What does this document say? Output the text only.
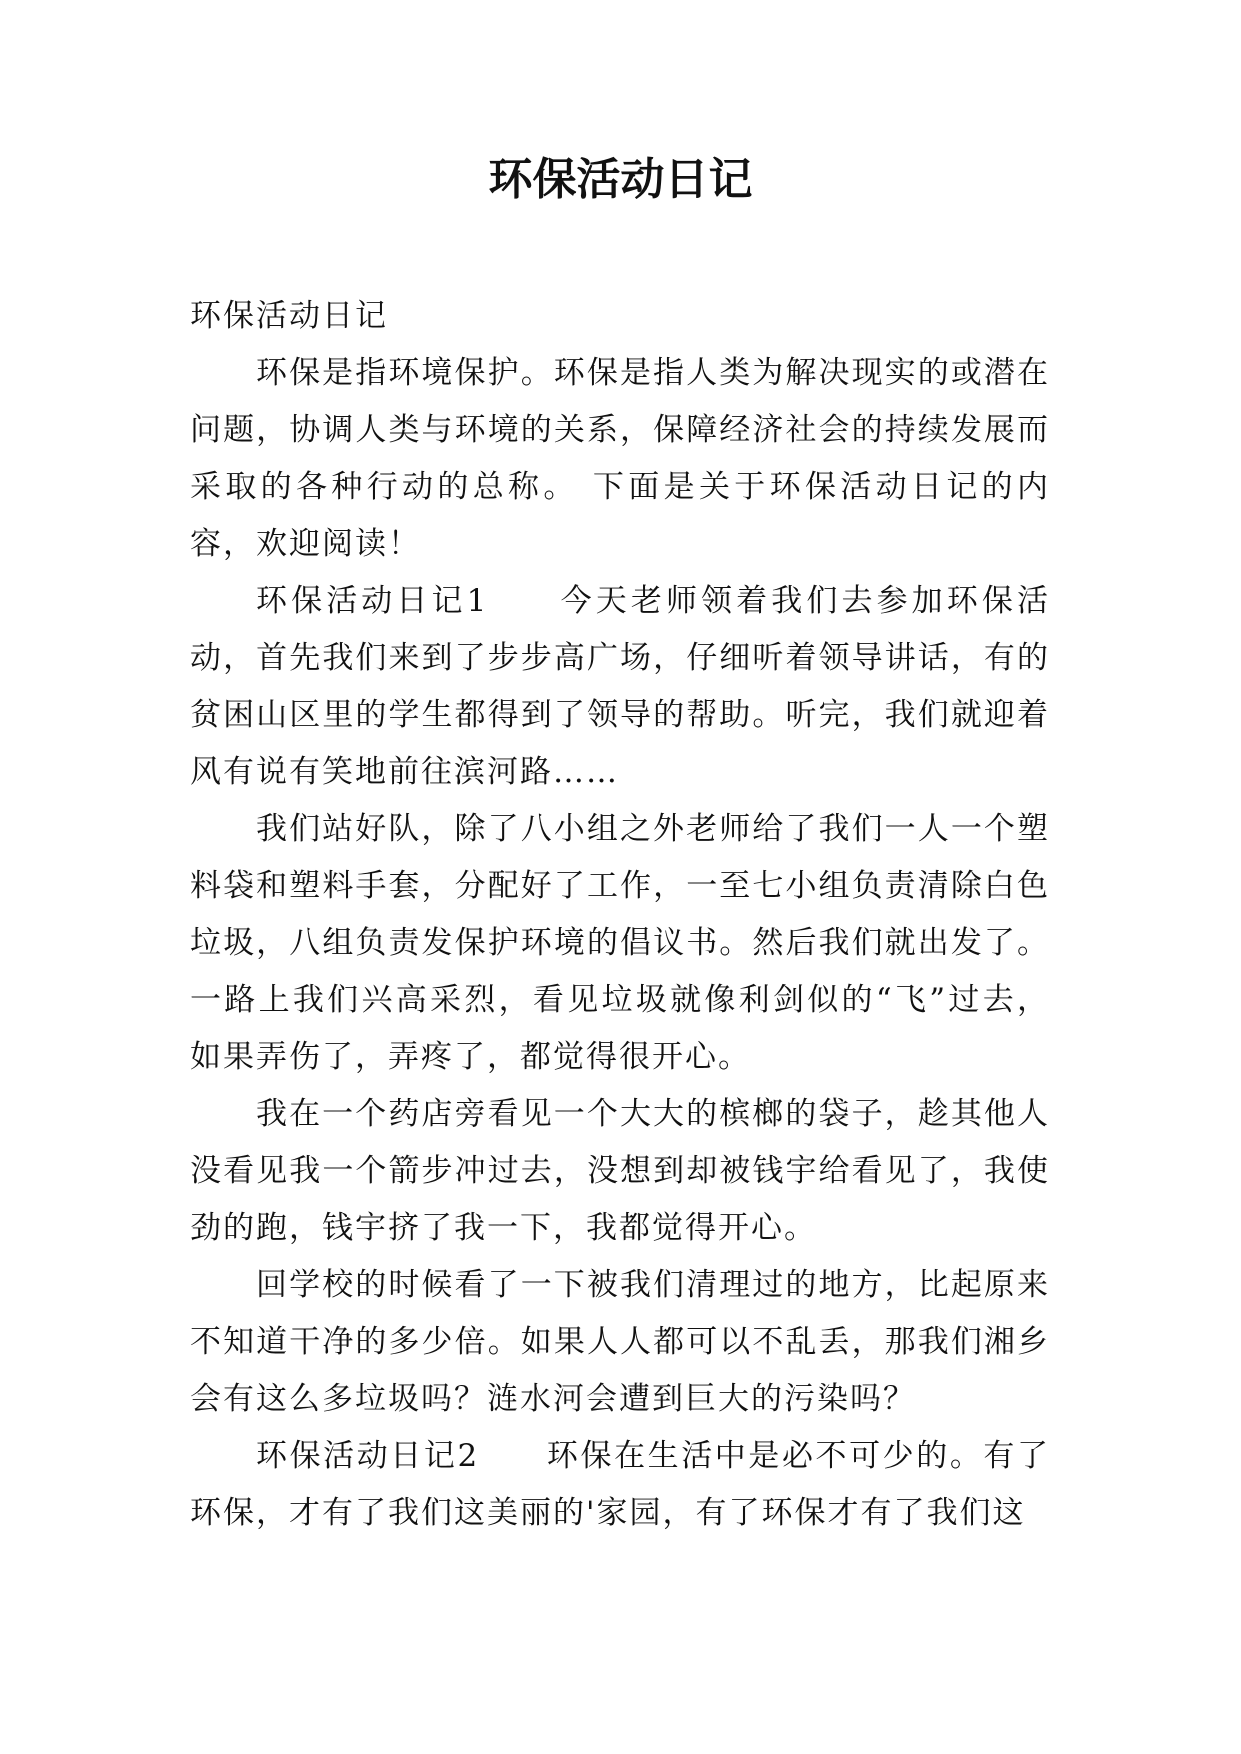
环保活动日记

环保活动日记

环保是指环境保护。环保是指人类为解决现实的或潜在问题，协调人类与环境的关系，保障经济社会的持续发展而采取的各种行动的总称。 下面是关于环保活动日记的内容，欢迎阅读！

环保活动日记1　　今天老师领着我们去参加环保活动，首先我们来到了步步高广场，仔细听着领导讲话，有的贫困山区里的学生都得到了领导的帮助。听完，我们就迎着风有说有笑地前往滨河路……

我们站好队，除了八小组之外老师给了我们一人一个塑料袋和塑料手套，分配好了工作，一至七小组负责清除白色垃圾，八组负责发保护环境的倡议书。然后我们就出发了。一路上我们兴高采烈，看见垃圾就像利剑似的“飞”过去，如果弄伤了，弄疼了，都觉得很开心。

我在一个药店旁看见一个大大的槟榔的袋子，趁其他人没看见我一个箭步冲过去，没想到却被钱宇给看见了，我使劲的跑，钱宇挤了我一下，我都觉得开心。

回学校的时候看了一下被我们清理过的地方，比起原来不知道干净的多少倍。如果人人都可以不乱丢，那我们湘乡会有这么多垃圾吗？涟水河会遭到巨大的污染吗？

环保活动日记2　　环保在生活中是必不可少的。有了环保，才有了我们这美丽的'家园，有了环保才有了我们这
